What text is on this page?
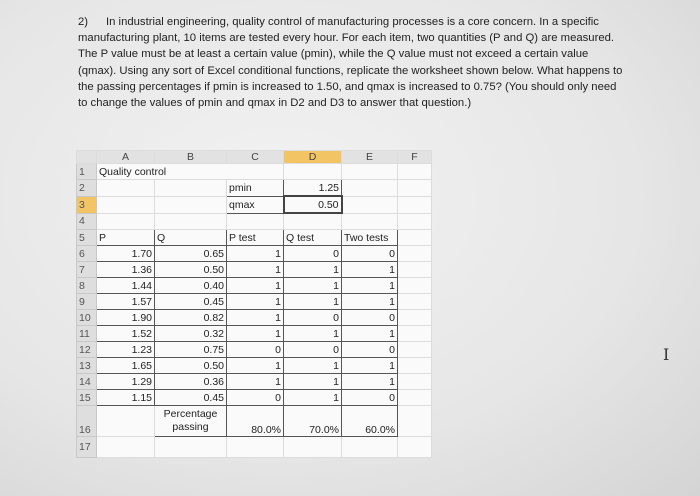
2) In industrial engineering, quality control of manufacturing processes is a core concern. In a specific manufacturing plant, 10 items are tested every hour. For each item, two quantities (P and Q) are measured. The P value must be at least a certain value (pmin), while the Q value must not exceed a certain value (qmax). Using any sort of Excel conditional functions, replicate the worksheet shown below. What happens to the passing percentages if pmin is increased to 1.50, and qmax is increased to 0.75? (You should only need to change the values of pmin and qmax in D2 and D3 to answer that question.)
	A	B	C	D	E	F
1	Quality control					
2			pmin	1.25		
3			qmax	0.50		
4						
5	P	Q	P test	Q test	Two tests	
6	1.70	0.65	1	0	0	
7	1.36	0.50	1	1	1	
8	1.44	0.40	1	1	1	
9	1.57	0.45	1	1	1	
10	1.90	0.82	1	0	0	
11	1.52	0.32	1	1	1	
12	1.23	0.75	0	0	0	
13	1.65	0.50	1	1	1	
14	1.29	0.36	1	1	1	
15	1.15	0.45	0	1	0	
16		Percentage
passing	80.0%	70.0%	60.0%	
17						
I
